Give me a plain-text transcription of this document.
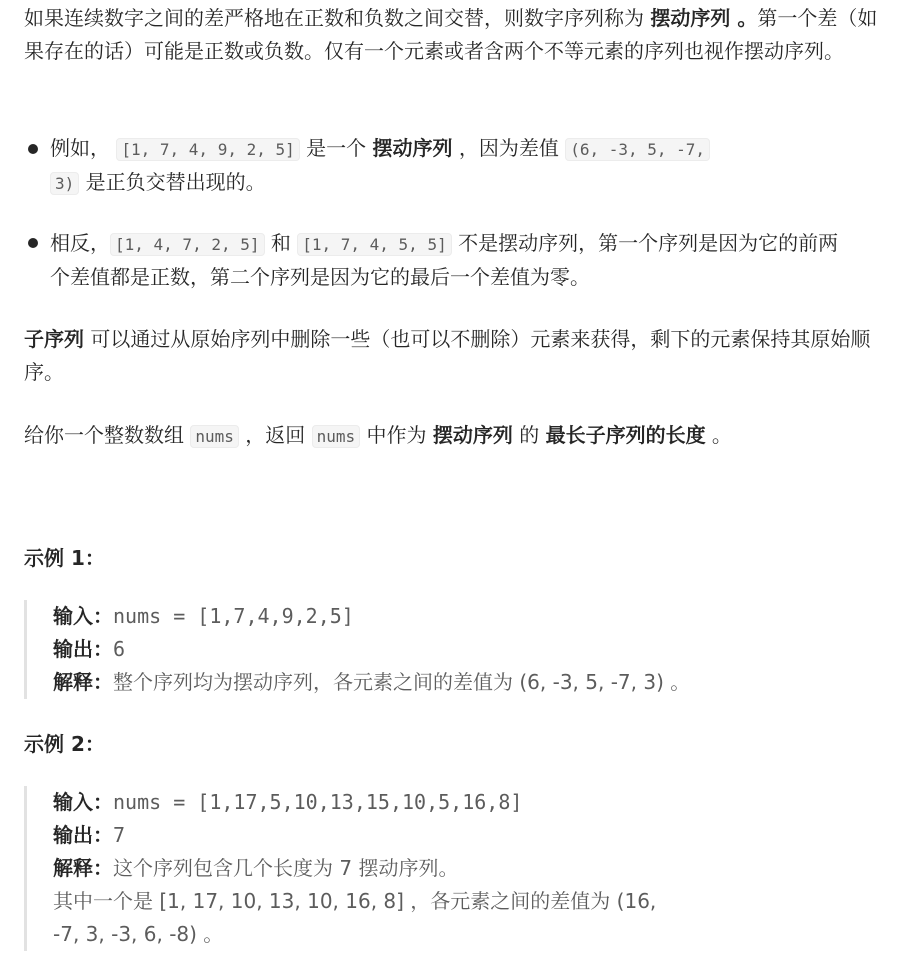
如果连续数字之间的差严格地在正数和负数之间交替，则数字序列称为 摆动序列 。第一个差（如果存在的话）可能是正数或负数。仅有一个元素或者含两个不等元素的序列也视作摆动序列。
例如， [1, 7, 4, 9, 2, 5] 是一个 摆动序列 ，因为差值 (6, -3, 5, -7,
3) 是正负交替出现的。
相反， [1, 4, 7, 2, 5] 和 [1, 7, 4, 5, 5] 不是摆动序列，第一个序列是因为它的前两个差值都是正数，第二个序列是因为它的最后一个差值为零。
子序列 可以通过从原始序列中删除一些（也可以不删除）元素来获得，剩下的元素保持其原始顺序。
给你一个整数数组 nums ，返回 nums 中作为 摆动序列 的 最长子序列的长度 。
示例 1：
输入：nums = [1,7,4,9,2,5]
输出：6
解释：整个序列均为摆动序列，各元素之间的差值为 (6, -3, 5, -7, 3) 。
示例 2：
输入：nums = [1,17,5,10,13,15,10,5,16,8]
输出：7
解释：这个序列包含几个长度为 7 摆动序列。
其中一个是 [1, 17, 10, 13, 10, 16, 8] ，各元素之间的差值为 (16,
-7, 3, -3, 6, -8) 。
